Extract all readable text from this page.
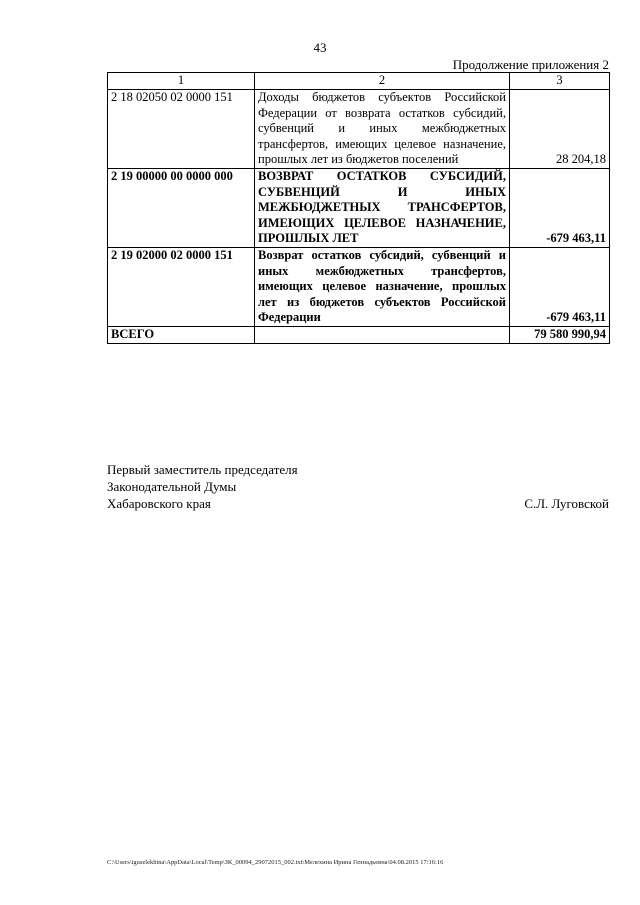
43
Продолжение приложения 2
1	2	3
2 18 02050 02 0000 151	Доходы бюджетов субъектов Российской Федерации от возврата остатков субсидий, субвенций и иных межбюджетных трансфертов, имеющих целевое назначение, прошлых лет из бюджетов поселений	28 204,18
2 19 00000 00 0000 000	ВОЗВРАТ ОСТАТКОВ СУБСИДИЙ, СУБВЕНЦИЙ И ИНЫХ МЕЖБЮДЖЕТНЫХ ТРАНСФЕРТОВ, ИМЕЮЩИХ ЦЕЛЕВОЕ НАЗНАЧЕНИЕ, ПРОШЛЫХ ЛЕТ	-679 463,11
2 19 02000 02 0000 151	Возврат остатков субсидий, субвенций и иных межбюджетных трансфертов, имеющих целевое назначение, прошлых лет из бюджетов субъектов Российской Федерации	-679 463,11
ВСЕГО		79 580 990,94
Первый заместитель председателя
Законодательной Думы
Хабаровского края	С.Л. Луговской
C:\Users\iguselekhina\AppData\Local\Temp\ЗК_00094_29072015_002.txt\Мелехина Ирина Геннадьевна\04.08.2015 17:16:16
